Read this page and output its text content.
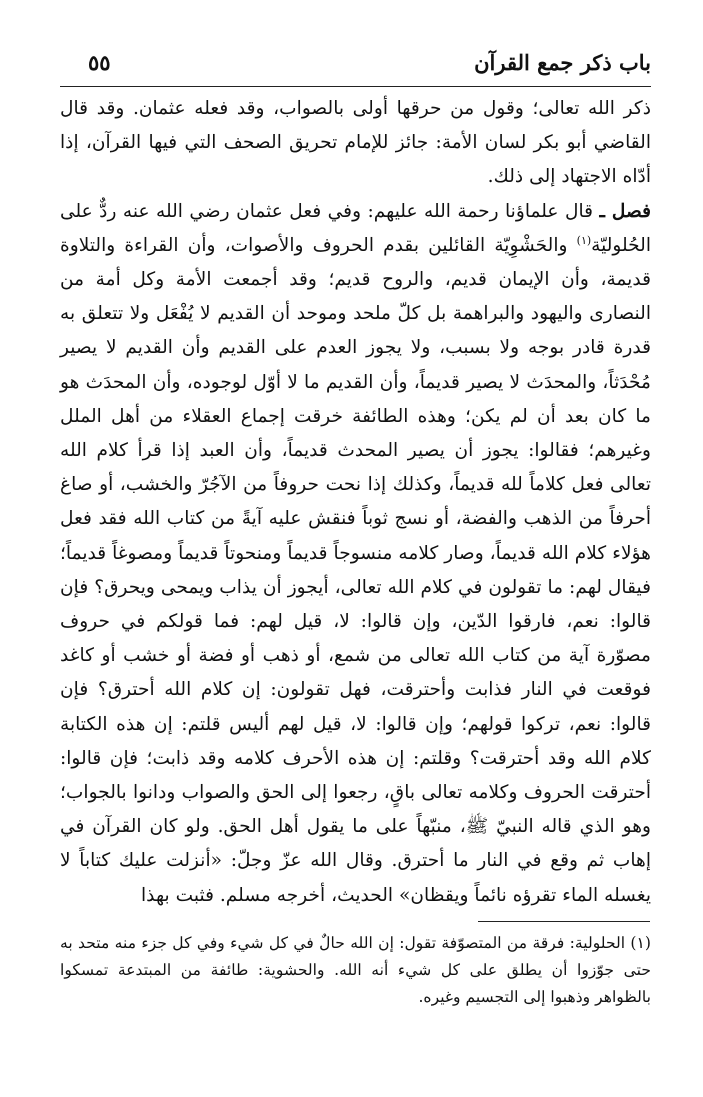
باب ذكر جمع القرآن
٥٥

ذكر الله تعالى؛ وقول من حرقها أولى بالصواب، وقد فعله عثمان. وقد قال القاضي أبو بكر لسان الأمة: جائز للإمام تحريق الصحف التي فيها القرآن، إذا أدّاه الاجتهاد إلى ذلك.

فصل ـ قال علماؤنا رحمة الله عليهم: وفي فعل عثمان رضي الله عنه ردٌّ على الحُلوليّة$^{(١)}$ والحَشْوِيّة القائلين بقدم الحروف والأصوات، وأن القراءة والتلاوة قديمة، وأن الإيمان قديم، والروح قديم؛ وقد أجمعت الأمة وكل أمة من النصارى واليهود والبراهمة بل كلّ ملحد وموحد أن القديم لا يُفْعَل ولا تتعلق به قدرة قادر بوجه ولا بسبب، ولا يجوز العدم على القديم وأن القديم لا يصير مُحْدَثاً، والمحدَث لا يصير قديماً، وأن القديم ما لا أوّل لوجوده، وأن المحدَث هو ما كان بعد أن لم يكن؛ وهذه الطائفة خرقت إجماع العقلاء من أهل الملل وغيرهم؛ فقالوا: يجوز أن يصير المحدث قديماً، وأن العبد إذا قرأ كلام الله تعالى فعل كلاماً لله قديماً، وكذلك إذا نحت حروفاً من الآجُرّ والخشب، أو صاغ أحرفاً من الذهب والفضة، أو نسج ثوباً فنقش عليه آيةً من كتاب الله فقد فعل هؤلاء كلام الله قديماً، وصار كلامه منسوجاً قديماً ومنحوتاً قديماً ومصوغاً قديماً؛ فيقال لهم: ما تقولون في كلام الله تعالى، أيجوز أن يذاب ويمحى ويحرق؟ فإن قالوا: نعم، فارقوا الدّين، وإن قالوا: لا، قيل لهم: فما قولكم في حروف مصوّرة آية من كتاب الله تعالى من شمع، أو ذهب أو فضة أو خشب أو كاغد فوقعت في النار فذابت وأحترقت، فهل تقولون: إن كلام الله أحترق؟ فإن قالوا: نعم، تركوا قولهم؛ وإن قالوا: لا، قيل لهم أليس قلتم: إن هذه الكتابة كلام الله وقد أحترقت؟ وقلتم: إن هذه الأحرف كلامه وقد ذابت؛ فإن قالوا: أحترقت الحروف وكلامه تعالى باقٍ، رجعوا إلى الحق والصواب ودانوا بالجواب؛ وهو الذي قاله النبيّ ﷺ، منبّهاً على ما يقول أهل الحق. ولو كان القرآن في إهاب ثم وقع في النار ما أحترق. وقال الله عزّ وجلّ: «أنزلت عليك كتاباً لا يغسله الماء تقرؤه نائماً ويقظان» الحديث، أخرجه مسلم. فثبت بهذا

(١) الحلولية: فرقة من المتصوّفة تقول: إن الله حالٌ في كل شيء وفي كل جزء منه متحد به حتى جوّزوا أن يطلق على كل شيء أنه الله. والحشوية: طائفة من المبتدعة تمسكوا بالظواهر وذهبوا إلى التجسيم وغيره.
